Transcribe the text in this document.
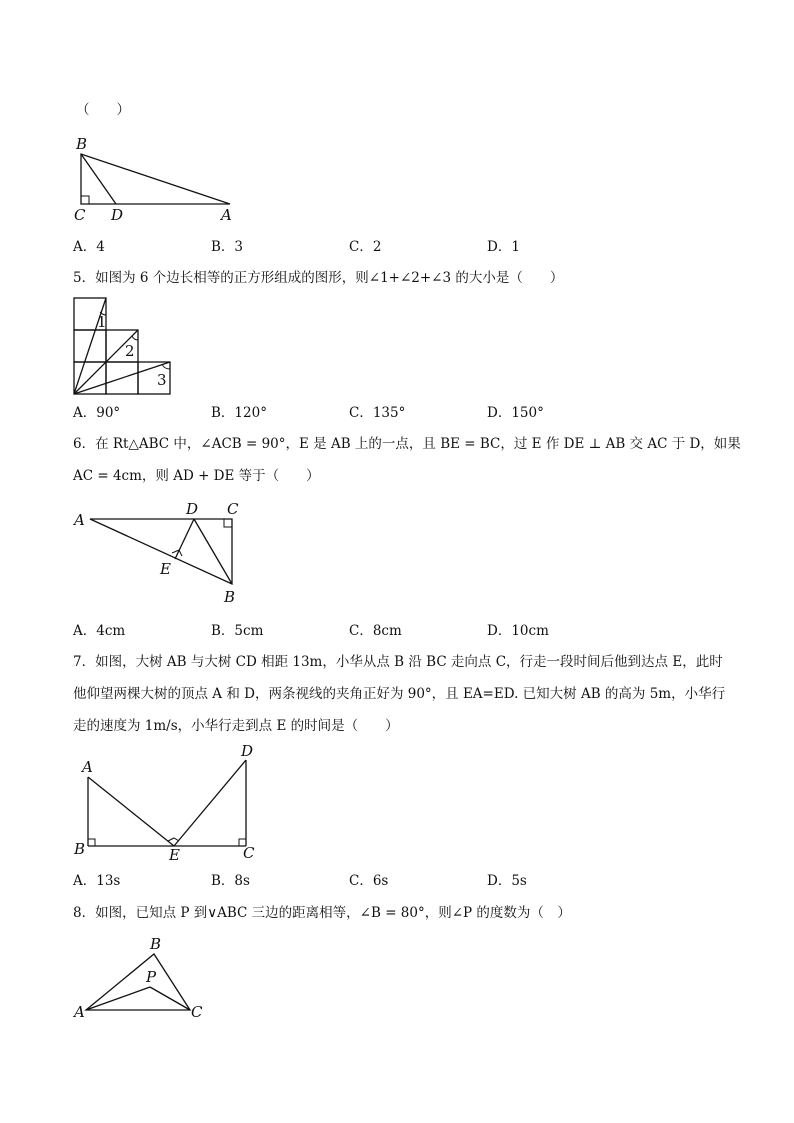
（　　）
B
C D	A
A．4	B．3	C．2	D．1
5．如图为 6 个边长相等的正方形组成的图形，则∠1+∠2+∠3 的大小是（　　）
1
2
3
A．90°	B．120°	C．135°	D．150°
6．在 Rt△ABC 中，∠ACB = 90°，E 是 AB 上的一点，且 BE = BC，过 E 作 DE ⊥ AB 交 AC 于 D，如果
AC = 4cm，则 AD + DE 等于（　　）
A
D C
E
B
A．4cm	B．5cm	C．8cm	D．10cm
7．如图，大树 AB 与大树 CD 相距 13m，小华从点 B 沿 BC 走向点 C，行走一段时间后他到达点 E，此时
他仰望两棵大树的顶点 A 和 D，两条视线的夹角正好为 90°，且 EA=ED. 已知大树 AB 的高为 5m，小华行
走的速度为 1m/s，小华行走到点 E 的时间是（　　）
A
D
B	E	C
A．13s	B．8s	C．6s	D．5s
8．如图，已知点 P 到∨ABC 三边的距离相等，∠B = 80°，则∠P 的度数为（　）
B
P
A	C
